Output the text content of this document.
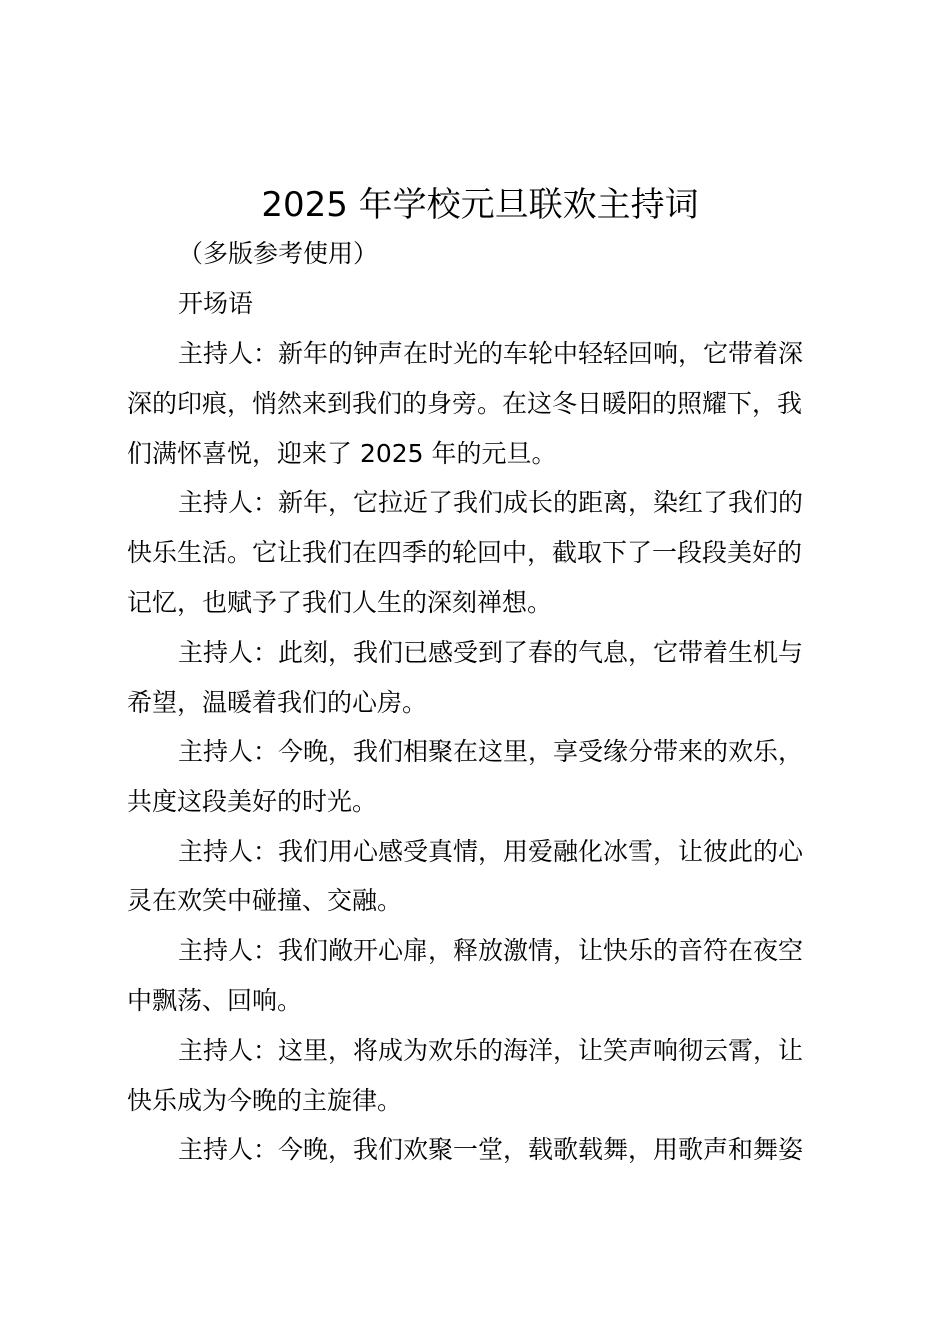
2025 年学校元旦联欢主持词
（多版参考使用）
开场语
主持人：新年的钟声在时光的车轮中轻轻回响，它带着深
深的印痕，悄然来到我们的身旁。在这冬日暖阳的照耀下，我
们满怀喜悦，迎来了 2025 年的元旦。
主持人：新年，它拉近了我们成长的距离，染红了我们的
快乐生活。它让我们在四季的轮回中，截取下了一段段美好的
记忆，也赋予了我们人生的深刻禅想。
主持人：此刻，我们已感受到了春的气息，它带着生机与
希望，温暖着我们的心房。
主持人：今晚，我们相聚在这里，享受缘分带来的欢乐，
共度这段美好的时光。
主持人：我们用心感受真情，用爱融化冰雪，让彼此的心
灵在欢笑中碰撞、交融。
主持人：我们敞开心扉，释放激情，让快乐的音符在夜空
中飘荡、回响。
主持人：这里，将成为欢乐的海洋，让笑声响彻云霄，让
快乐成为今晚的主旋律。
主持人：今晚，我们欢聚一堂，载歌载舞，用歌声和舞姿
